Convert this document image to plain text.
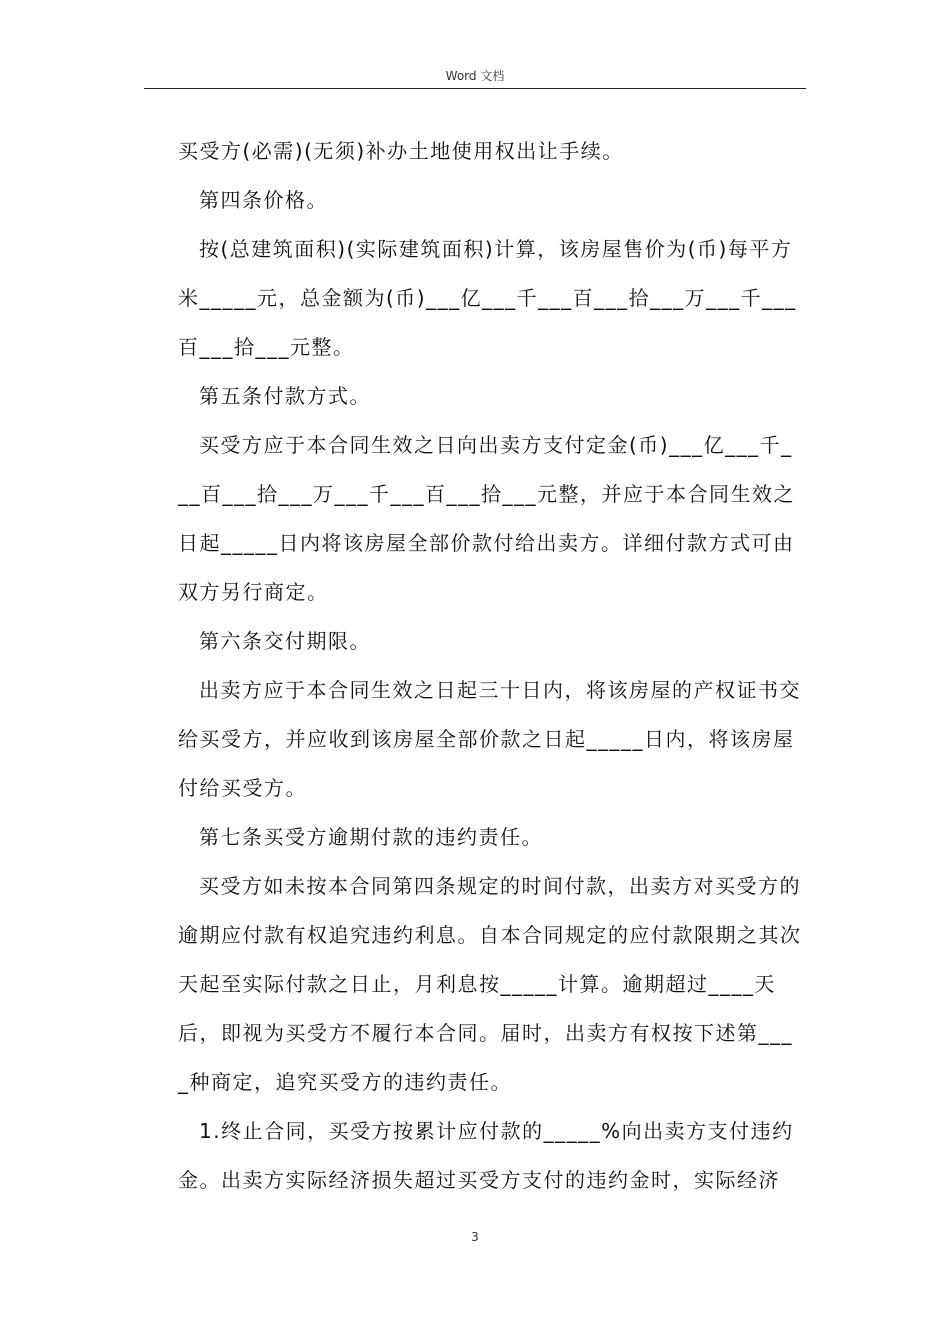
Word 文档

买受方(必需)(无须)补办土地使用权出让手续。

第四条价格。

按(总建筑面积)(实际建筑面积)计算，该房屋售价为(币)每平方米_____元，总金额为(币)___亿___千___百___拾___万___千___百___拾___元整。

第五条付款方式。

买受方应于本合同生效之日向出卖方支付定金(币)___亿___千___百___拾___万___千___百___拾___元整，并应于本合同生效之日起_____日内将该房屋全部价款付给出卖方。详细付款方式可由双方另行商定。

第六条交付期限。

出卖方应于本合同生效之日起三十日内，将该房屋的产权证书交给买受方，并应收到该房屋全部价款之日起_____日内，将该房屋付给买受方。

第七条买受方逾期付款的违约责任。

买受方如未按本合同第四条规定的时间付款，出卖方对买受方的逾期应付款有权追究违约利息。自本合同规定的应付款限期之其次天起至实际付款之日止，月利息按_____计算。逾期超过____天后，即视为买受方不履行本合同。届时，出卖方有权按下述第____种商定，追究买受方的违约责任。

1.终止合同，买受方按累计应付款的_____%向出卖方支付违约金。出卖方实际经济损失超过买受方支付的违约金时，实际经济

3
